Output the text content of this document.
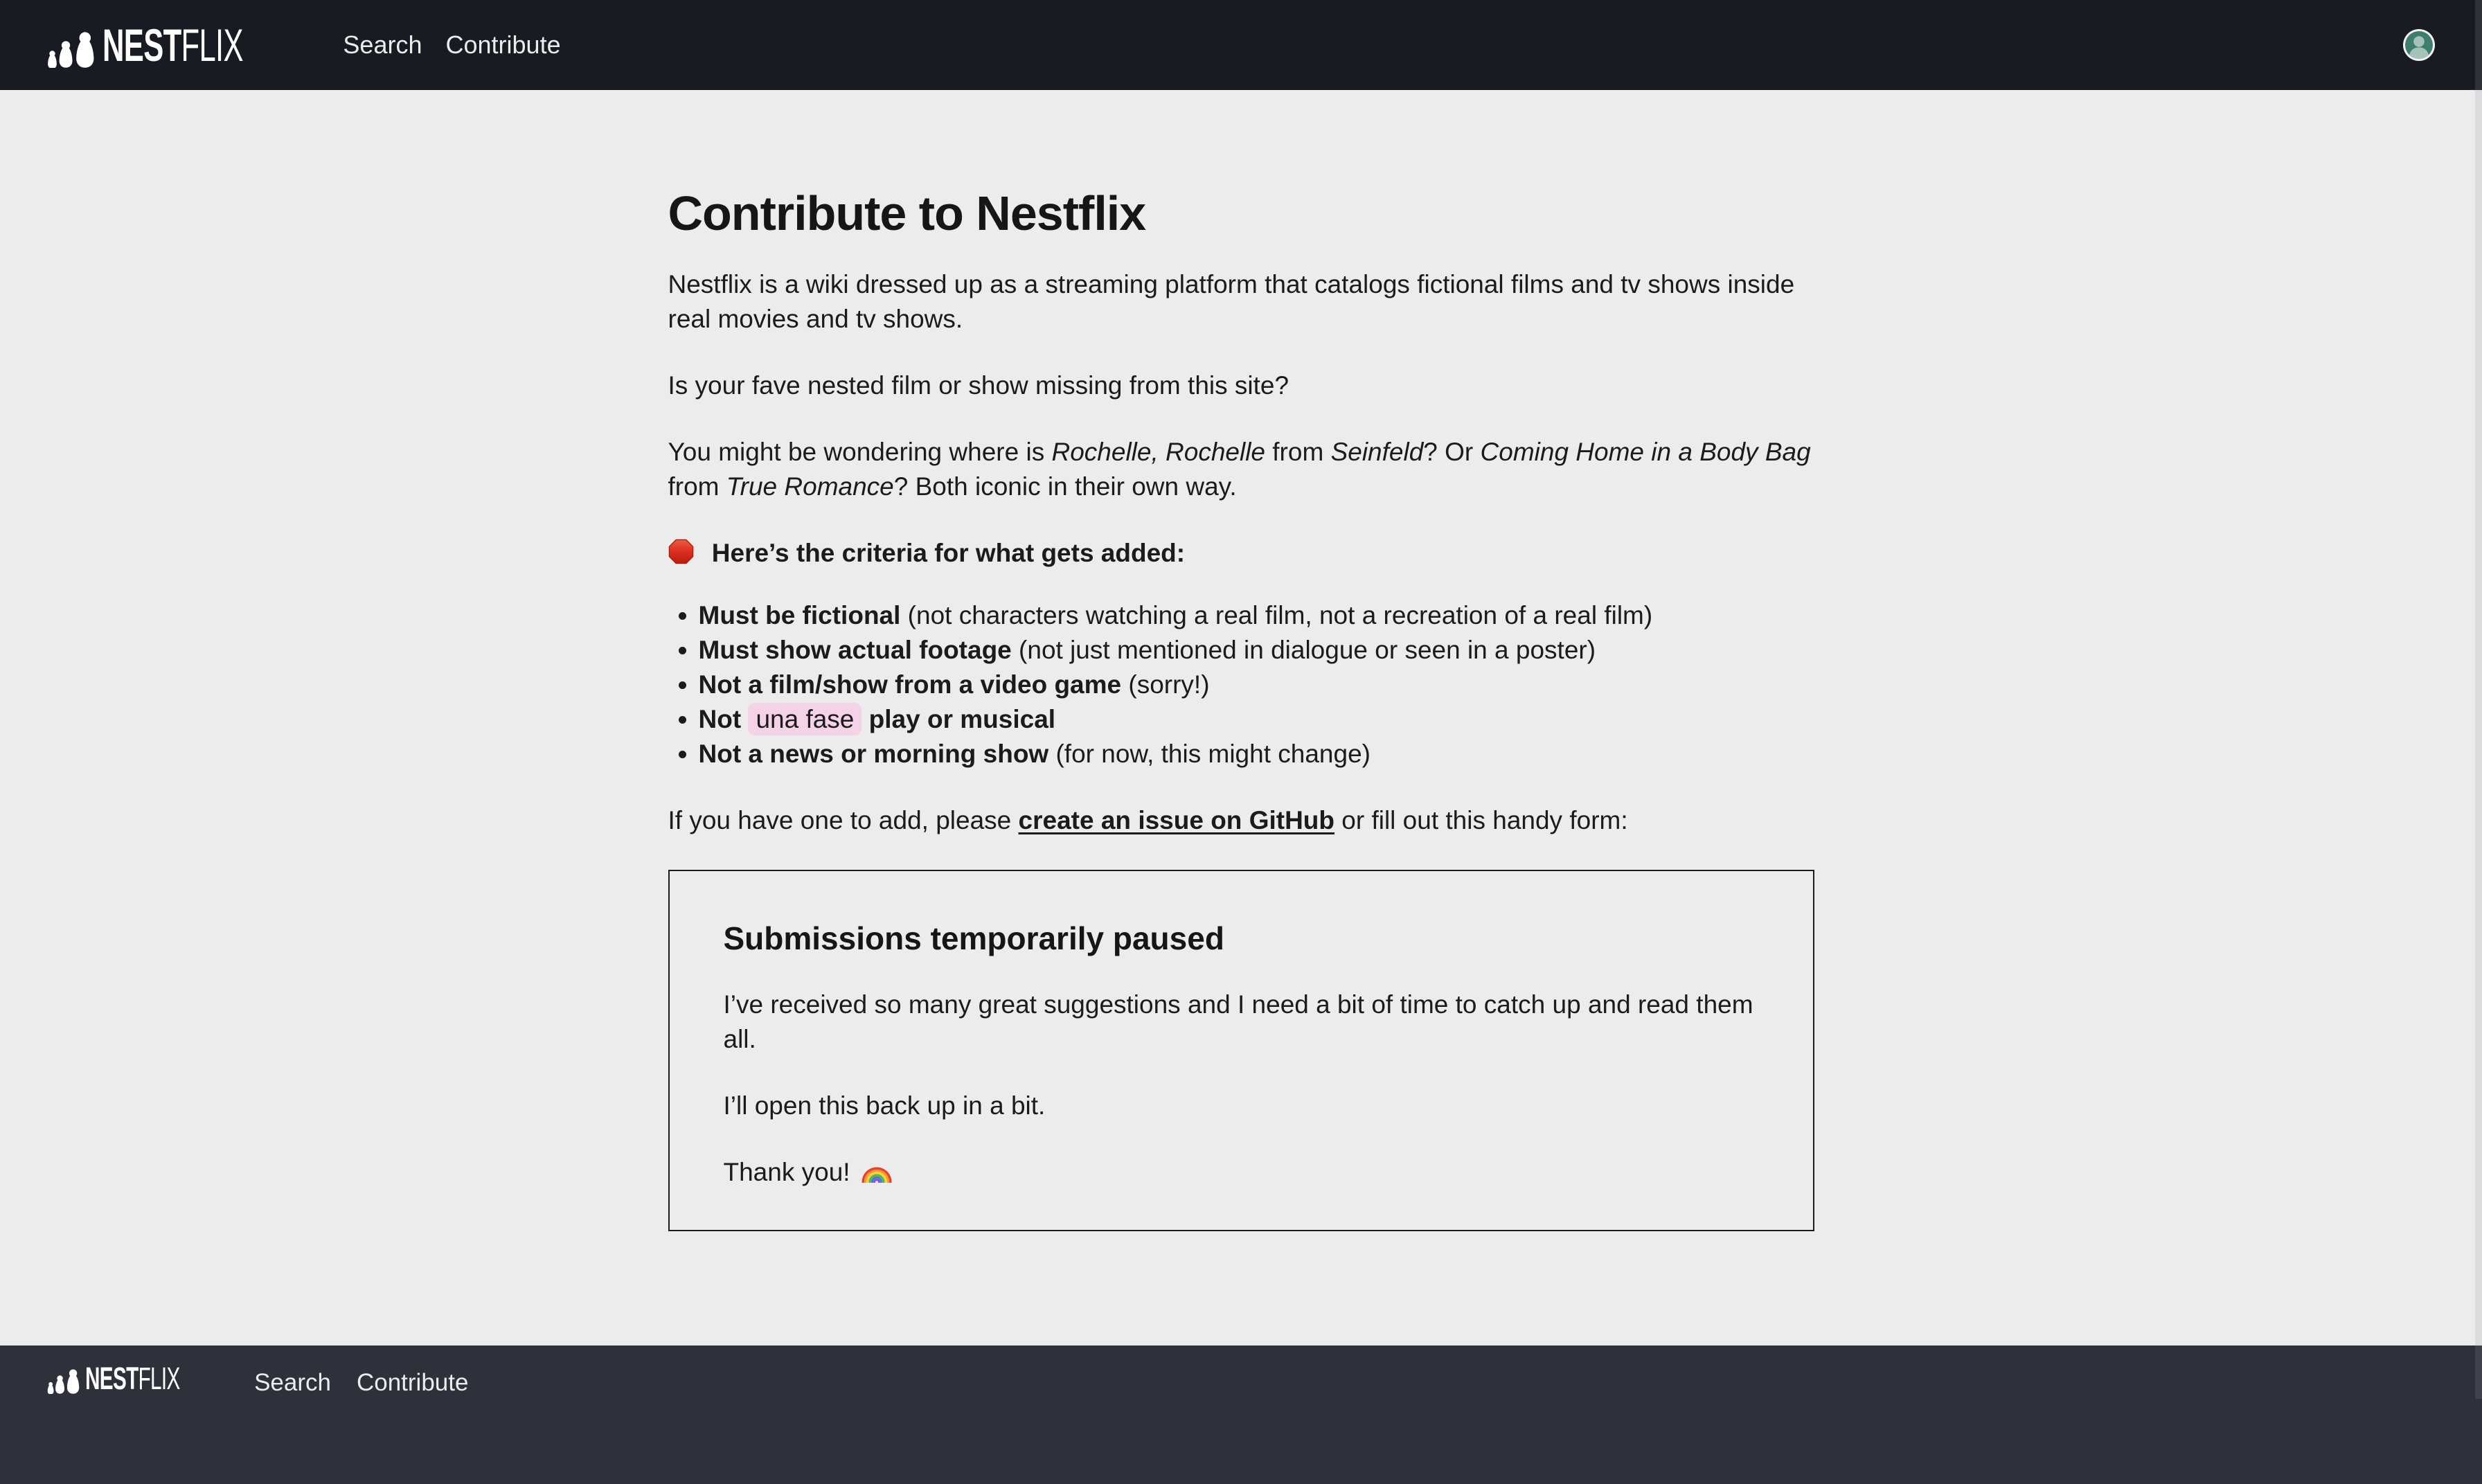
NESTFLIX	Search Contribute
Contribute to Nestflix

Nestflix is a wiki dressed up as a streaming platform that catalogs fictional films and tv shows inside real movies and tv shows.

Is your fave nested film or show missing from this site?

You might be wondering where is Rochelle, Rochelle from Seinfeld? Or Coming Home in a Body Bag from True Romance? Both iconic in their own way.

Here’s the criteria for what gets added:

• Must be fictional (not characters watching a real film, not a recreation of a real film)
• Must show actual footage (not just mentioned in dialogue or seen in a poster)
• Not a film/show from a video game (sorry!)
• Not una fase play or musical
• Not a news or morning show (for now, this might change)

If you have one to add, please create an issue on GitHub or fill out this handy form:

Submissions temporarily paused

I’ve received so many great suggestions and I need a bit of time to catch up and read them all.

I’ll open this back up in a bit.

Thank you!

NESTFLIX	Search Contribute
